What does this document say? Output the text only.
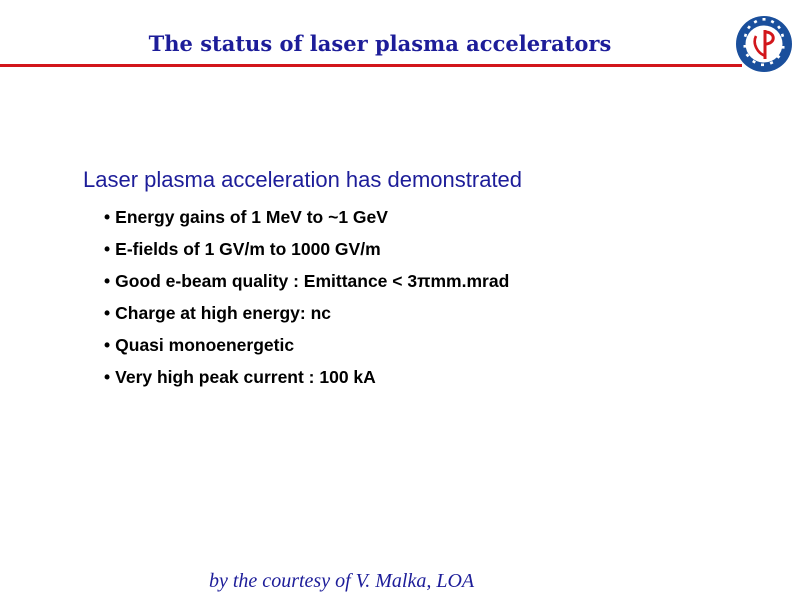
The status of laser plasma accelerators
Laser plasma acceleration has demonstrated
• Energy gains of 1 MeV to ~1 GeV
• E-fields of 1 GV/m to 1000 GV/m
• Good e-beam quality : Emittance < 3πmm.mrad
• Charge at high energy: nc
• Quasi monoenergetic
• Very high peak current : 100 kA
by the courtesy of V. Malka, LOA
